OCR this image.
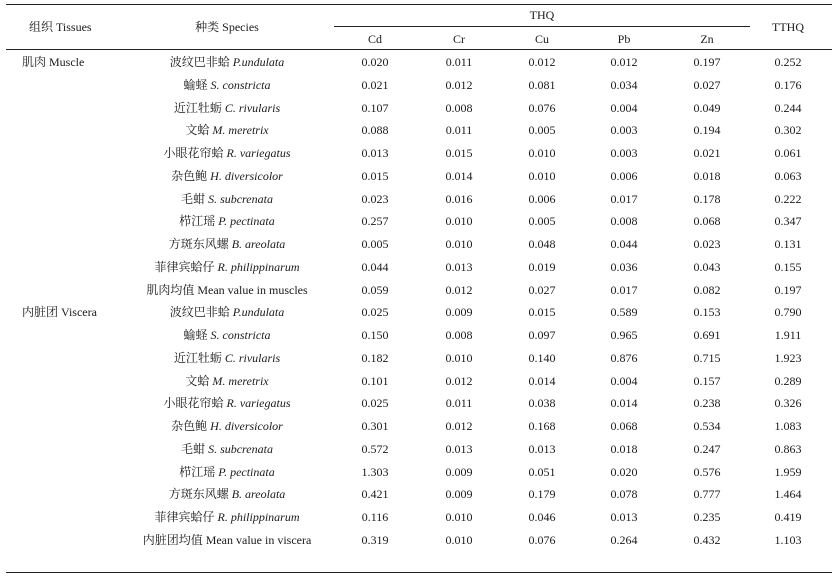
组织 Tissues	种类 Species
THQ
Cd	Cr	Cu	Pb	Zn
TTHQ
肌肉 Muscle	波纹巴非蛤 P.undulata	0.020	0.011	0.012	0.012	0.197	0.252
蝓蛏 S. constricta	0.021	0.012	0.081	0.034	0.027	0.176
近江牡蛎 C. rivularis	0.107	0.008	0.076	0.004	0.049	0.244
文蛤 M. meretrix	0.088	0.011	0.005	0.003	0.194	0.302
小眼花帘蛤 R. variegatus	0.013	0.015	0.010	0.003	0.021	0.061
杂色鲍 H. diversicolor	0.015	0.014	0.010	0.006	0.018	0.063
毛蚶 S. subcrenata	0.023	0.016	0.006	0.017	0.178	0.222
栉江瑶 P. pectinata	0.257	0.010	0.005	0.008	0.068	0.347
方斑东风螺 B. areolata	0.005	0.010	0.048	0.044	0.023	0.131
菲律宾蛤仔 R. philippinarum	0.044	0.013	0.019	0.036	0.043	0.155
肌肉均值 Mean value in muscles	0.059	0.012	0.027	0.017	0.082	0.197
内脏团 Viscera	波纹巴非蛤 P.undulata	0.025	0.009	0.015	0.589	0.153	0.790
蝓蛏 S. constricta	0.150	0.008	0.097	0.965	0.691	1.911
近江牡蛎 C. rivularis	0.182	0.010	0.140	0.876	0.715	1.923
文蛤 M. meretrix	0.101	0.012	0.014	0.004	0.157	0.289
小眼花帘蛤 R. variegatus	0.025	0.011	0.038	0.014	0.238	0.326
杂色鲍 H. diversicolor	0.301	0.012	0.168	0.068	0.534	1.083
毛蚶 S. subcrenata	0.572	0.013	0.013	0.018	0.247	0.863
栉江瑶 P. pectinata	1.303	0.009	0.051	0.020	0.576	1.959
方斑东风螺 B. areolata	0.421	0.009	0.179	0.078	0.777	1.464
菲律宾蛤仔 R. philippinarum	0.116	0.010	0.046	0.013	0.235	0.419
内脏团均值 Mean value in viscera	0.319	0.010	0.076	0.264	0.432	1.103
